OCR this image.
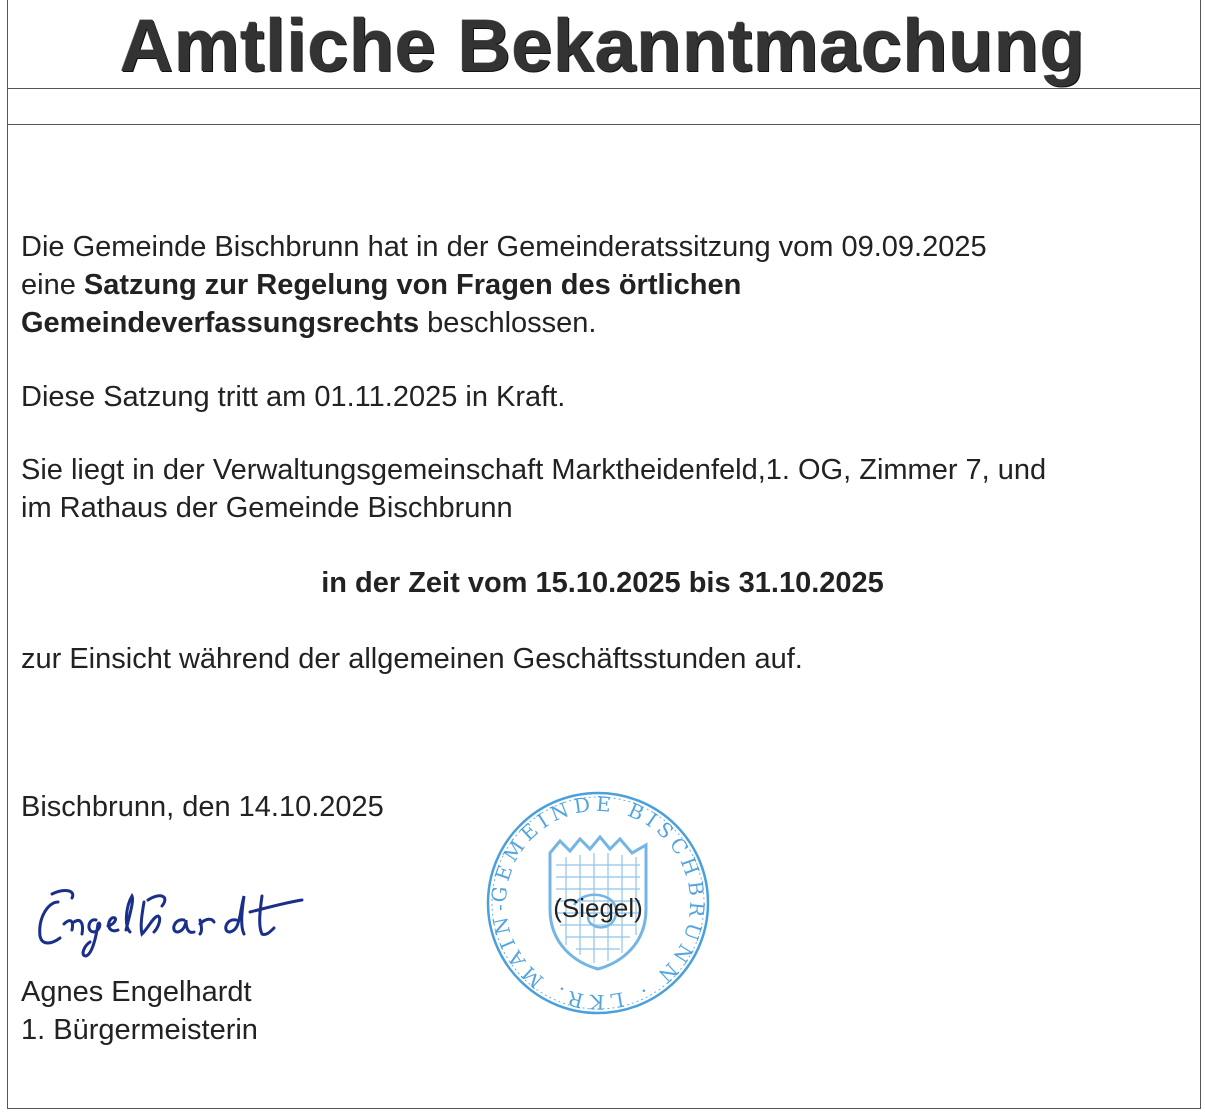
Amtliche Bekanntmachung
Die Gemeinde Bischbrunn hat in der Gemeinderatssitzung vom 09.09.2025
eine Satzung zur Regelung von Fragen des örtlichen
Gemeindeverfassungsrechts beschlossen.
Diese Satzung tritt am 01.11.2025 in Kraft.
Sie liegt in der Verwaltungsgemeinschaft Marktheidenfeld,1. OG, Zimmer 7, und
im Rathaus der Gemeinde Bischbrunn
in der Zeit vom 15.10.2025 bis 31.10.2025
zur Einsicht während der allgemeinen Geschäftsstunden auf.
Bischbrunn, den 14.10.2025
Agnes Engelhardt
1. Bürgermeisterin
GEMEINDE BISCHBRUNN · LKR. MAIN-	(Siegel)
